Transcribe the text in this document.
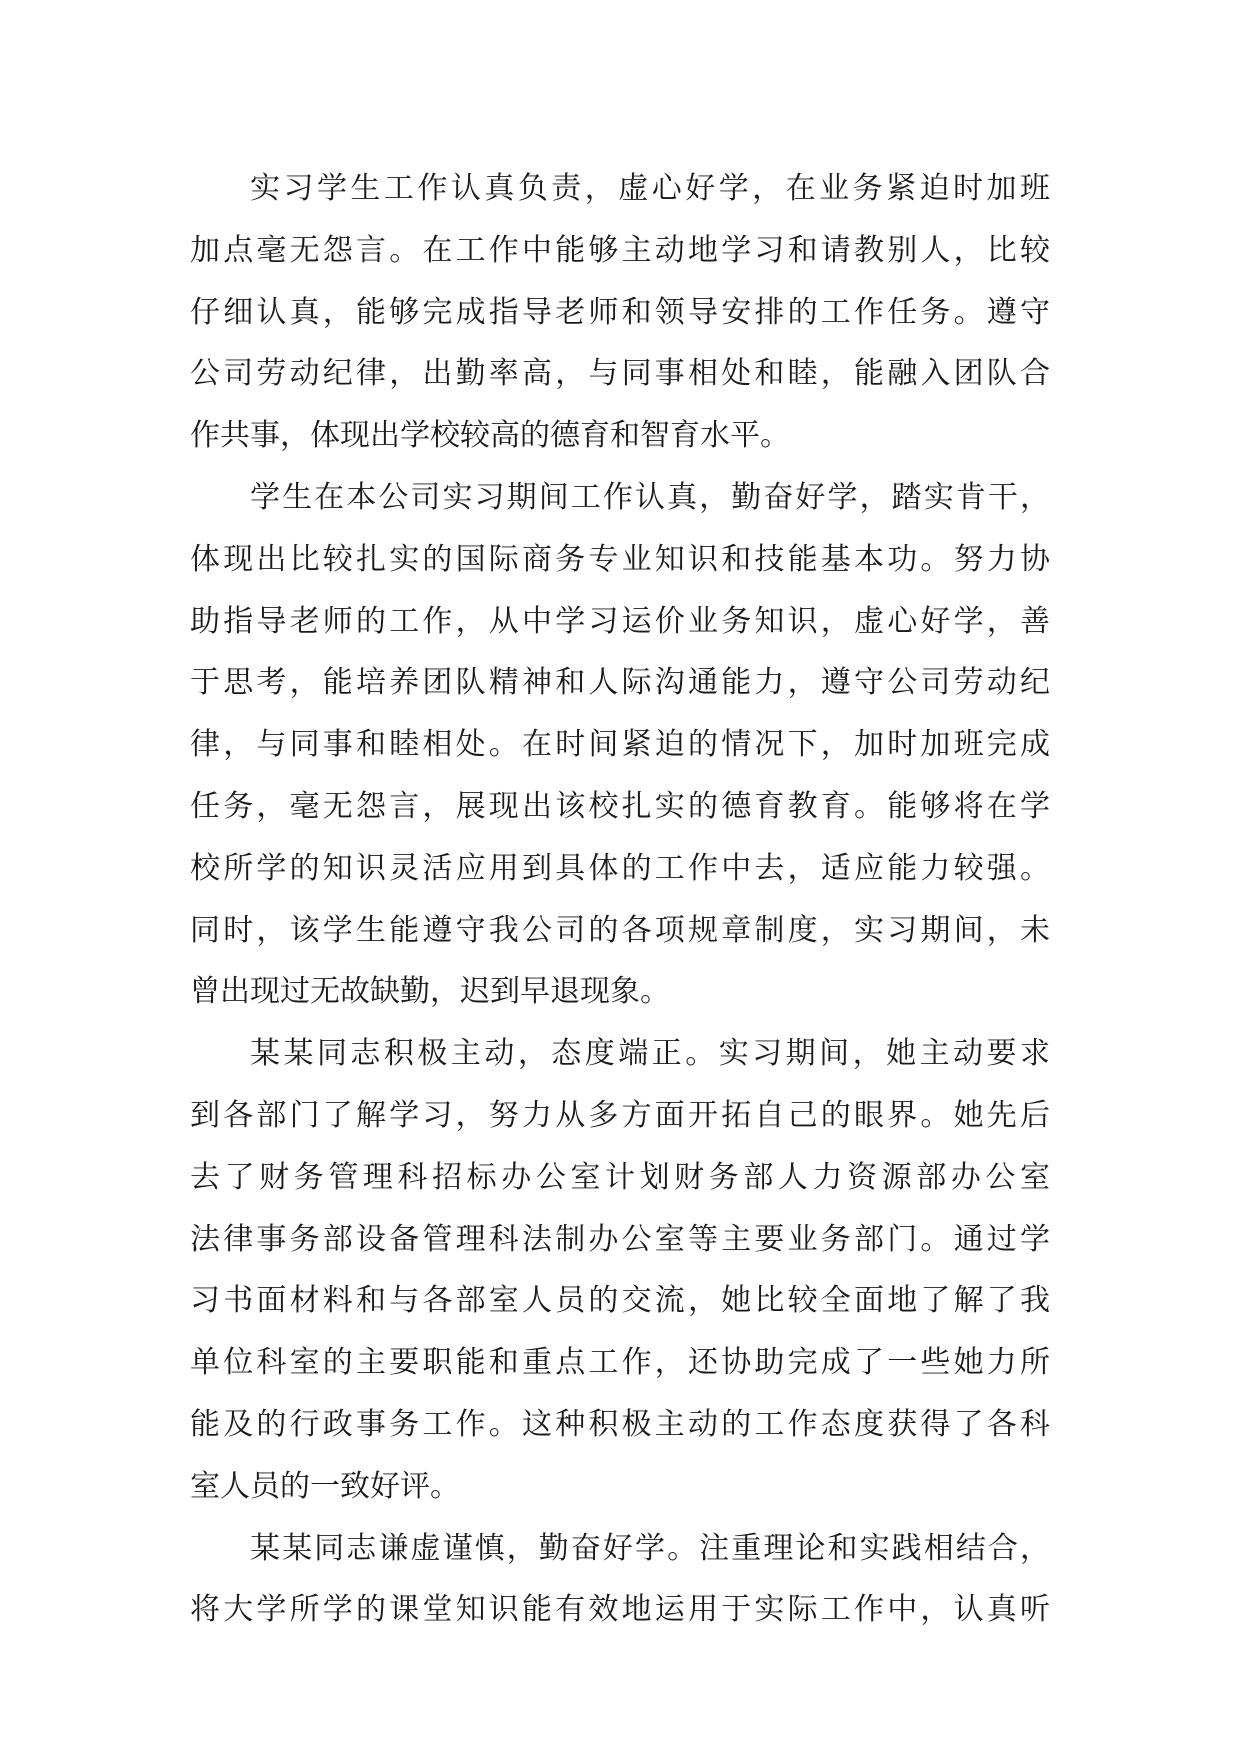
实习学生工作认真负责，虚心好学，在业务紧迫时加班
加点毫无怨言。在工作中能够主动地学习和请教别人，比较
仔细认真，能够完成指导老师和领导安排的工作任务。遵守
公司劳动纪律，出勤率高，与同事相处和睦，能融入团队合
作共事，体现出学校较高的德育和智育水平。
学生在本公司实习期间工作认真，勤奋好学，踏实肯干，
体现出比较扎实的国际商务专业知识和技能基本功。努力协
助指导老师的工作，从中学习运价业务知识，虚心好学，善
于思考，能培养团队精神和人际沟通能力，遵守公司劳动纪
律，与同事和睦相处。在时间紧迫的情况下，加时加班完成
任务，毫无怨言，展现出该校扎实的德育教育。能够将在学
校所学的知识灵活应用到具体的工作中去，适应能力较强。
同时，该学生能遵守我公司的各项规章制度，实习期间，未
曾出现过无故缺勤，迟到早退现象。
某某同志积极主动，态度端正。实习期间，她主动要求
到各部门了解学习，努力从多方面开拓自己的眼界。她先后
去了财务管理科招标办公室计划财务部人力资源部办公室
法律事务部设备管理科法制办公室等主要业务部门。通过学
习书面材料和与各部室人员的交流，她比较全面地了解了我
单位科室的主要职能和重点工作，还协助完成了一些她力所
能及的行政事务工作。这种积极主动的工作态度获得了各科
室人员的一致好评。
某某同志谦虚谨慎，勤奋好学。注重理论和实践相结合，
将大学所学的课堂知识能有效地运用于实际工作中，认真听
